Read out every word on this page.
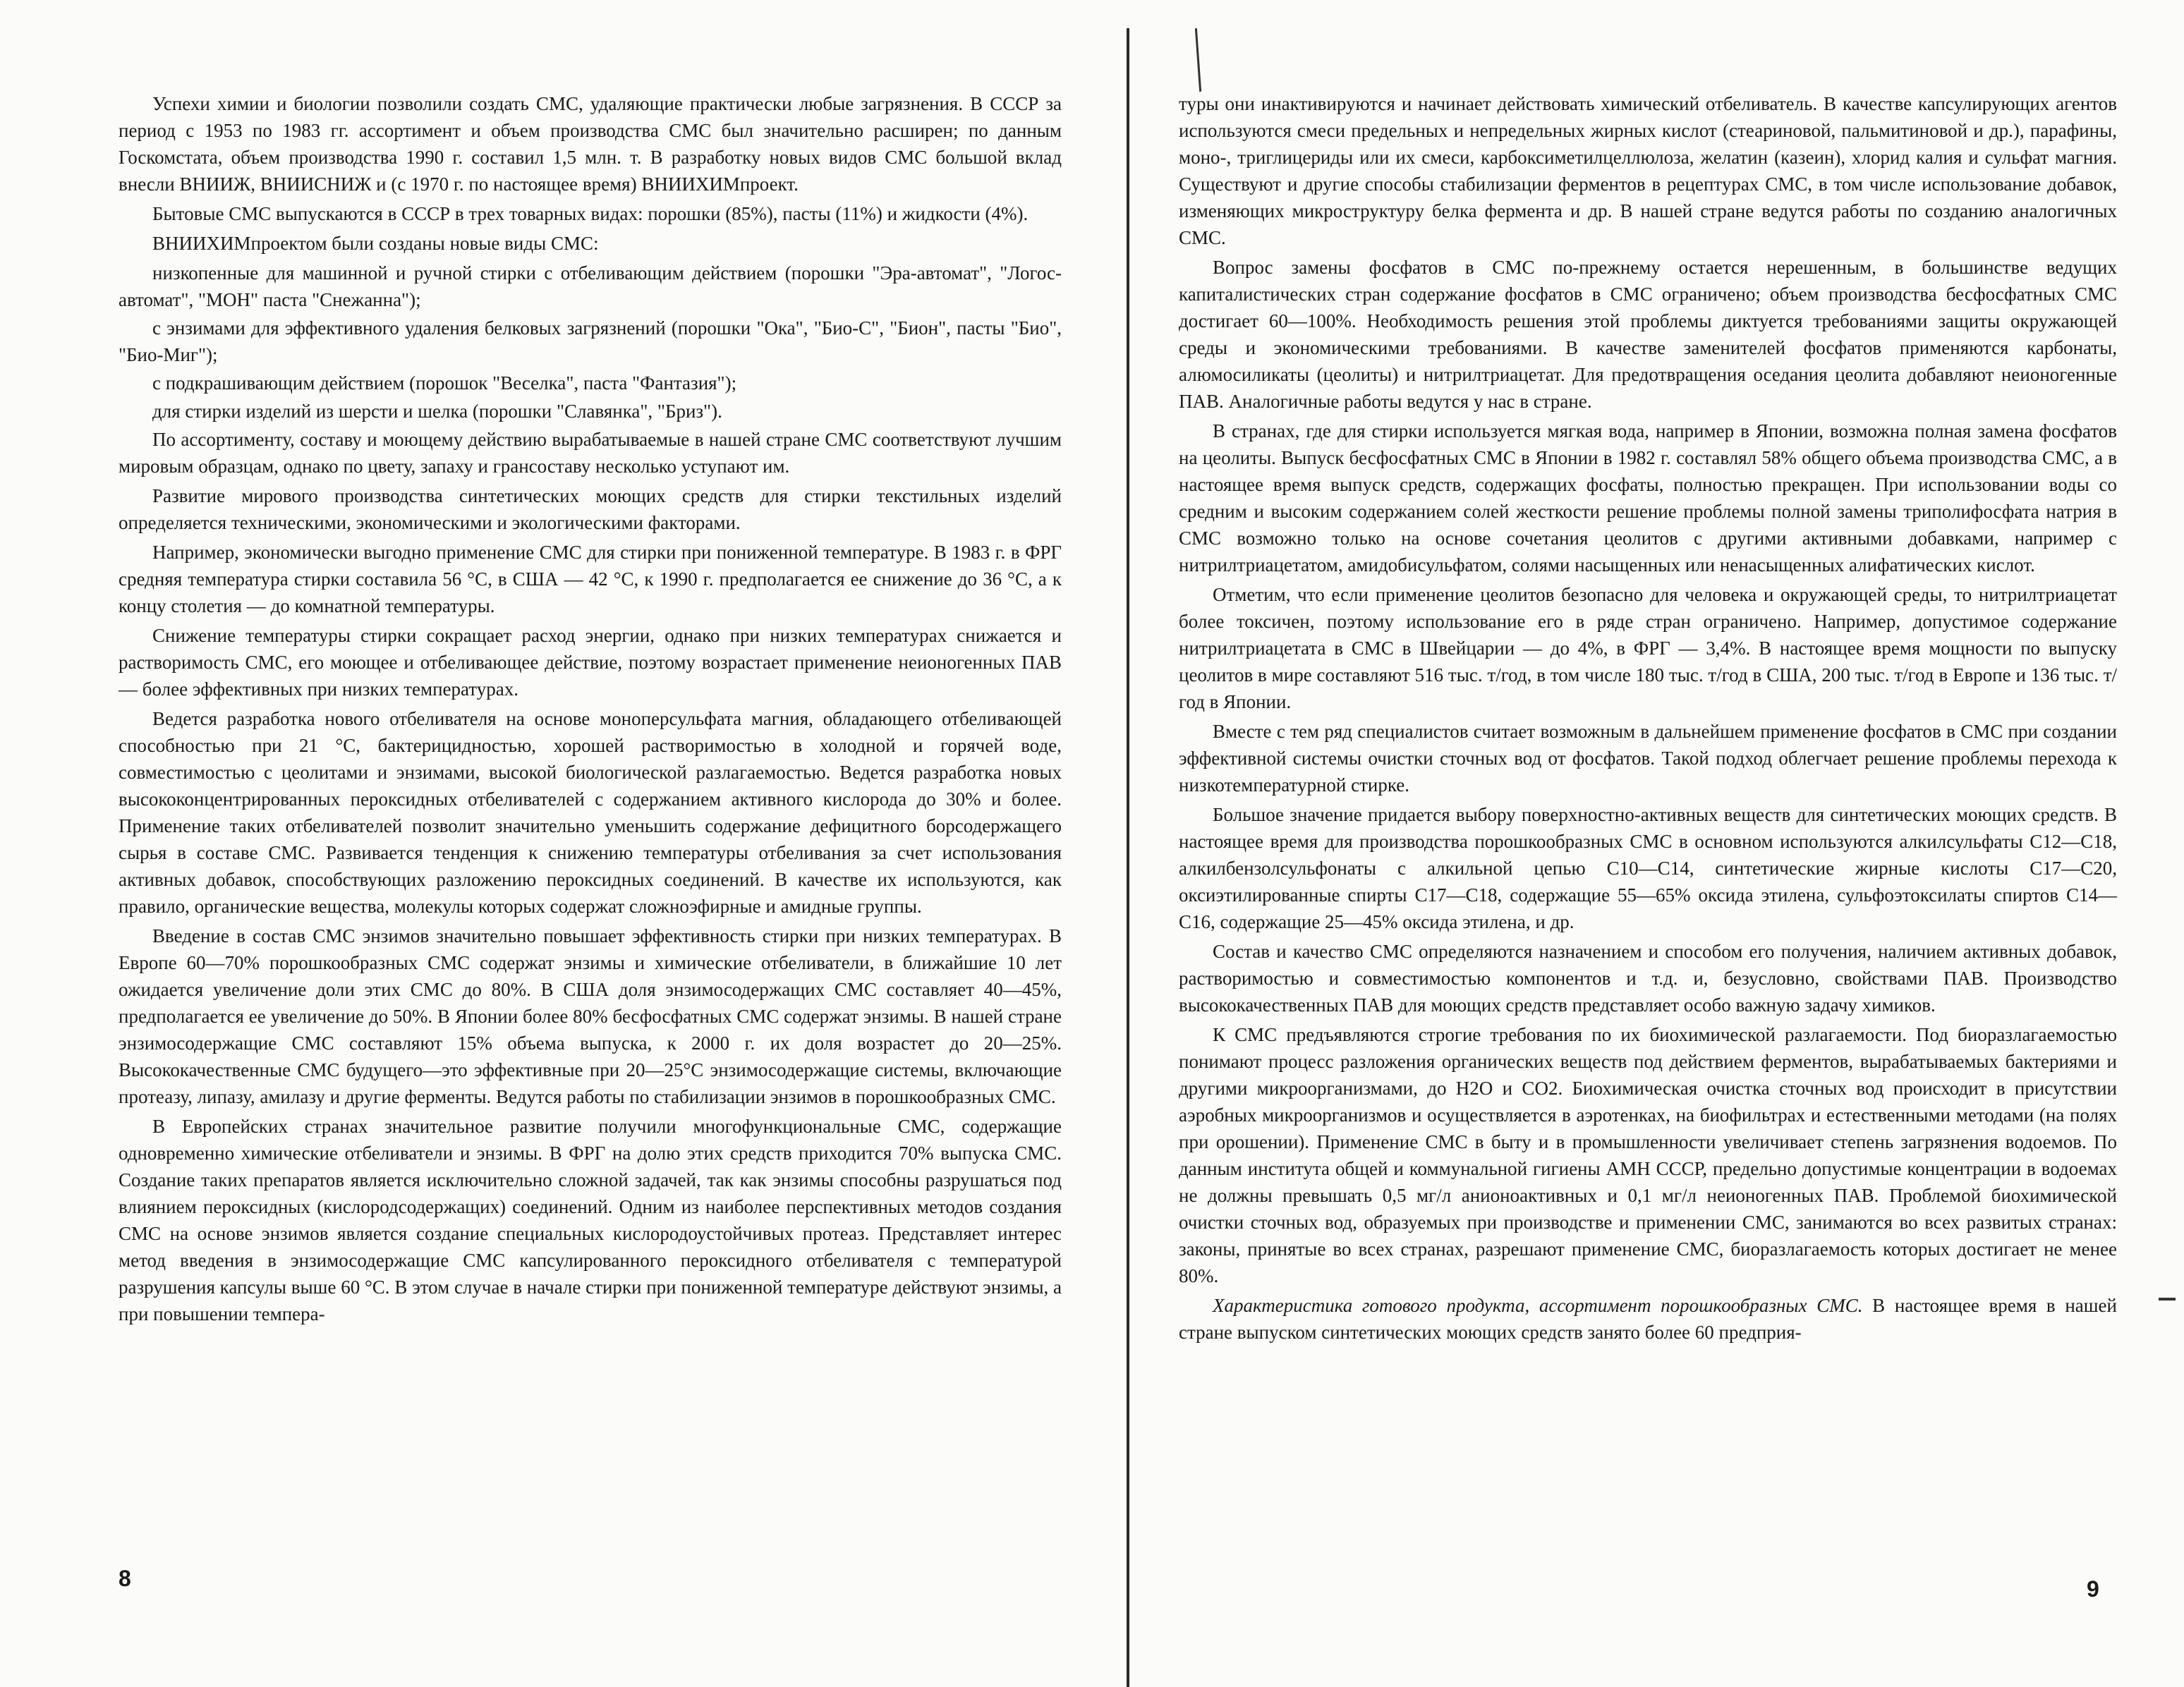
Успехи химии и биологии позволили создать СМС, удаляющие практически любые загрязнения. В СССР за период с 1953 по 1983 гг. ассортимент и объем производства СМС был значительно расширен; по данным Госкомстата, объем производства 1990 г. составил 1,5 млн. т. В разработку новых видов СМС большой вклад внесли ВНИИЖ, ВНИИСНИЖ и (с 1970 г. по настоящее время) ВНИИХИМпроект.

Бытовые СМС выпускаются в СССР в трех товарных видах: порошки (85%), пасты (11%) и жидкости (4%).

ВНИИХИМпроектом были созданы новые виды СМС:

низкопенные для машинной и ручной стирки с отбеливающим действием (порошки "Эра-автомат", "Логос-автомат", "МОН" паста "Снежанна");

с энзимами для эффективного удаления белковых загрязнений (порошки "Ока", "Био-С", "Бион", пасты "Био", "Био-Миг");

с подкрашивающим действием (порошок "Веселка", паста "Фантазия");

для стирки изделий из шерсти и шелка (порошки "Славянка", "Бриз").

По ассортименту, составу и моющему действию вырабатываемые в нашей стране СМС соответствуют лучшим мировым образцам, однако по цвету, запаху и грансоставу несколько уступают им.

Развитие мирового производства синтетических моющих средств для стирки текстильных изделий определяется техническими, экономическими и экологическими факторами.

Например, экономически выгодно применение СМС для стирки при пониженной температуре. В 1983 г. в ФРГ средняя температура стирки составила 56 °С, в США — 42 °С, к 1990 г. предполагается ее снижение до 36 °С, а к концу столетия — до комнатной температуры.

Снижение температуры стирки сокращает расход энергии, однако при низких температурах снижается и растворимость СМС, его моющее и отбеливающее действие, поэтому возрастает применение неионогенных ПАВ — более эффективных при низких температурах.

Ведется разработка нового отбеливателя на основе моноперсульфата магния, обладающего отбеливающей способностью при 21 °С, бактерицидностью, хорошей растворимостью в холодной и горячей воде, совместимостью с цеолитами и энзимами, высокой биологической разлагаемостью. Ведется разработка новых высококонцентрированных пероксидных отбеливателей с содержанием активного кислорода до 30% и более. Применение таких отбеливателей позволит значительно уменьшить содержание дефицитного борсодержащего сырья в составе СМС. Развивается тенденция к снижению температуры отбеливания за счет использования активных добавок, способствующих разложению пероксидных соединений. В качестве их используются, как правило, органические вещества, молекулы которых содержат сложноэфирные и амидные группы.

Введение в состав СМС энзимов значительно повышает эффективность стирки при низких температурах. В Европе 60—70% порошкообразных СМС содержат энзимы и химические отбеливатели, в ближайшие 10 лет ожидается увеличение доли этих СМС до 80%. В США доля энзимосодержащих СМС составляет 40—45%, предполагается ее увеличение до 50%. В Японии более 80% бесфосфатных СМС содержат энзимы. В нашей стране энзимосодержащие СМС составляют 15% объема выпуска, к 2000 г. их доля возрастет до 20—25%. Высококачественные СМС будущего—это эффективные при 20—25°С энзимосодержащие системы, включающие протеазу, липазу, амилазу и другие ферменты. Ведутся работы по стабилизации энзимов в порошкообразных СМС.

В Европейских странах значительное развитие получили многофункциональные СМС, содержащие одновременно химические отбеливатели и энзимы. В ФРГ на долю этих средств приходится 70% выпуска СМС. Создание таких препаратов является исключительно сложной задачей, так как энзимы способны разрушаться под влиянием пероксидных (кислородсодержащих) соединений. Одним из наиболее перспективных методов создания СМС на основе энзимов является создание специальных кислородоустойчивых протеаз. Представляет интерес метод введения в энзимосодержащие СМС капсулированного пероксидного отбеливателя с температурой разрушения капсулы выше 60 °С. В этом случае в начале стирки при пониженной температуре действуют энзимы, а при повышении темпера-

8

туры они инактивируются и начинает действовать химический отбеливатель. В качестве капсулирующих агентов используются смеси предельных и непредельных жирных кислот (стеариновой, пальмитиновой и др.), парафины, моно-, триглицериды или их смеси, карбоксиметилцеллюлоза, желатин (казеин), хлорид калия и сульфат магния. Существуют и другие способы стабилизации ферментов в рецептурах СМС, в том числе использование добавок, изменяющих микроструктуру белка фермента и др. В нашей стране ведутся работы по созданию аналогичных СМС.

Вопрос замены фосфатов в СМС по-прежнему остается нерешенным, в большинстве ведущих капиталистических стран содержание фосфатов в СМС ограничено; объем производства бесфосфатных СМС достигает 60—100%. Необходимость решения этой проблемы диктуется требованиями защиты окружающей среды и экономическими требованиями. В качестве заменителей фосфатов применяются карбонаты, алюмосиликаты (цеолиты) и нитрилтриацетат. Для предотвращения оседания цеолита добавляют неионогенные ПАВ. Аналогичные работы ведутся у нас в стране.

В странах, где для стирки используется мягкая вода, например в Японии, возможна полная замена фосфатов на цеолиты. Выпуск бесфосфатных СМС в Японии в 1982 г. составлял 58% общего объема производства СМС, а в настоящее время выпуск средств, содержащих фосфаты, полностью прекращен. При использовании воды со средним и высоким содержанием солей жесткости решение проблемы полной замены триполифосфата натрия в СМС возможно только на основе сочетания цеолитов с другими активными добавками, например с нитрилтриацетатом, амидобисульфатом, солями насыщенных или ненасыщенных алифатических кислот.

Отметим, что если применение цеолитов безопасно для человека и окружающей среды, то нитрилтриацетат более токсичен, поэтому использование его в ряде стран ограничено. Например, допустимое содержание нитрилтриацетата в СМС в Швейцарии — до 4%, в ФРГ — 3,4%. В настоящее время мощности по выпуску цеолитов в мире составляют 516 тыс. т/год, в том числе 180 тыс. т/год в США, 200 тыс. т/год в Европе и 136 тыс. т/год в Японии.

Вместе с тем ряд специалистов считает возможным в дальнейшем применение фосфатов в СМС при создании эффективной системы очистки сточных вод от фосфатов. Такой подход облегчает решение проблемы перехода к низкотемпературной стирке.

Большое значение придается выбору поверхностно-активных веществ для синтетических моющих средств. В настоящее время для производства порошкообразных СМС в основном используются алкилсульфаты C12—C18, алкилбензолсульфонаты с алкильной цепью C10—C14, синтетические жирные кислоты C17—C20, оксиэтилированные спирты C17—C18, содержащие 55—65% оксида этилена, сульфоэтоксилаты спиртов C14—C16, содержащие 25—45% оксида этилена, и др.

Состав и качество СМС определяются назначением и способом его получения, наличием активных добавок, растворимостью и совместимостью компонентов и т.д. и, безусловно, свойствами ПАВ. Производство высококачественных ПАВ для моющих средств представляет особо важную задачу химиков.

К СМС предъявляются строгие требования по их биохимической разлагаемости. Под биоразлагаемостью понимают процесс разложения органических веществ под действием ферментов, вырабатываемых бактериями и другими микроорганизмами, до H2O и CO2. Биохимическая очистка сточных вод происходит в присутствии аэробных микроорганизмов и осуществляется в аэротенках, на биофильтрах и естественными методами (на полях при орошении). Применение СМС в быту и в промышленности увеличивает степень загрязнения водоемов. По данным института общей и коммунальной гигиены АМН СССР, предельно допустимые концентрации в водоемах не должны превышать 0,5 мг/л анионоактивных и 0,1 мг/л неионогенных ПАВ. Проблемой биохимической очистки сточных вод, образуемых при производстве и применении СМС, занимаются во всех развитых странах: законы, принятые во всех странах, разрешают применение СМС, биоразлагаемость которых достигает не менее 80%.

Характеристика готового продукта, ассортимент порошкообразных СМС. В настоящее время в нашей стране выпуском синтетических моющих средств занято более 60 предприя-

9
